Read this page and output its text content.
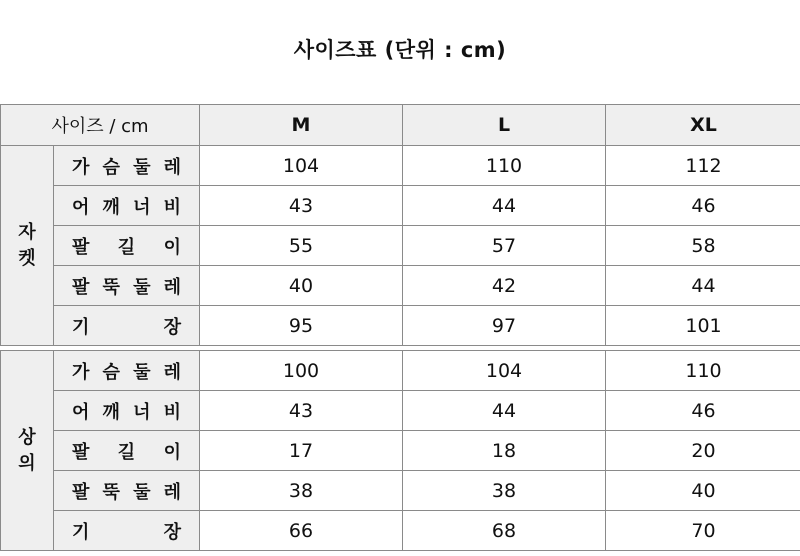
사이즈표 (단위 : cm)
사이즈 / cm		M	L	XL
자
켓	가 슴 둘 레	104	110	112

	어 깨 너 비	43	44	46

	팔 길 이	55	57	58

	팔 뚝 둘 레	40	42	44

	기 장	95	97	101

상
의	가 슴 둘 레	100	104	110

	어 깨 너 비	43	44	46

	팔 길 이	17	18	20

	팔 뚝 둘 레	38	38	40

	기 장	66	68	70
